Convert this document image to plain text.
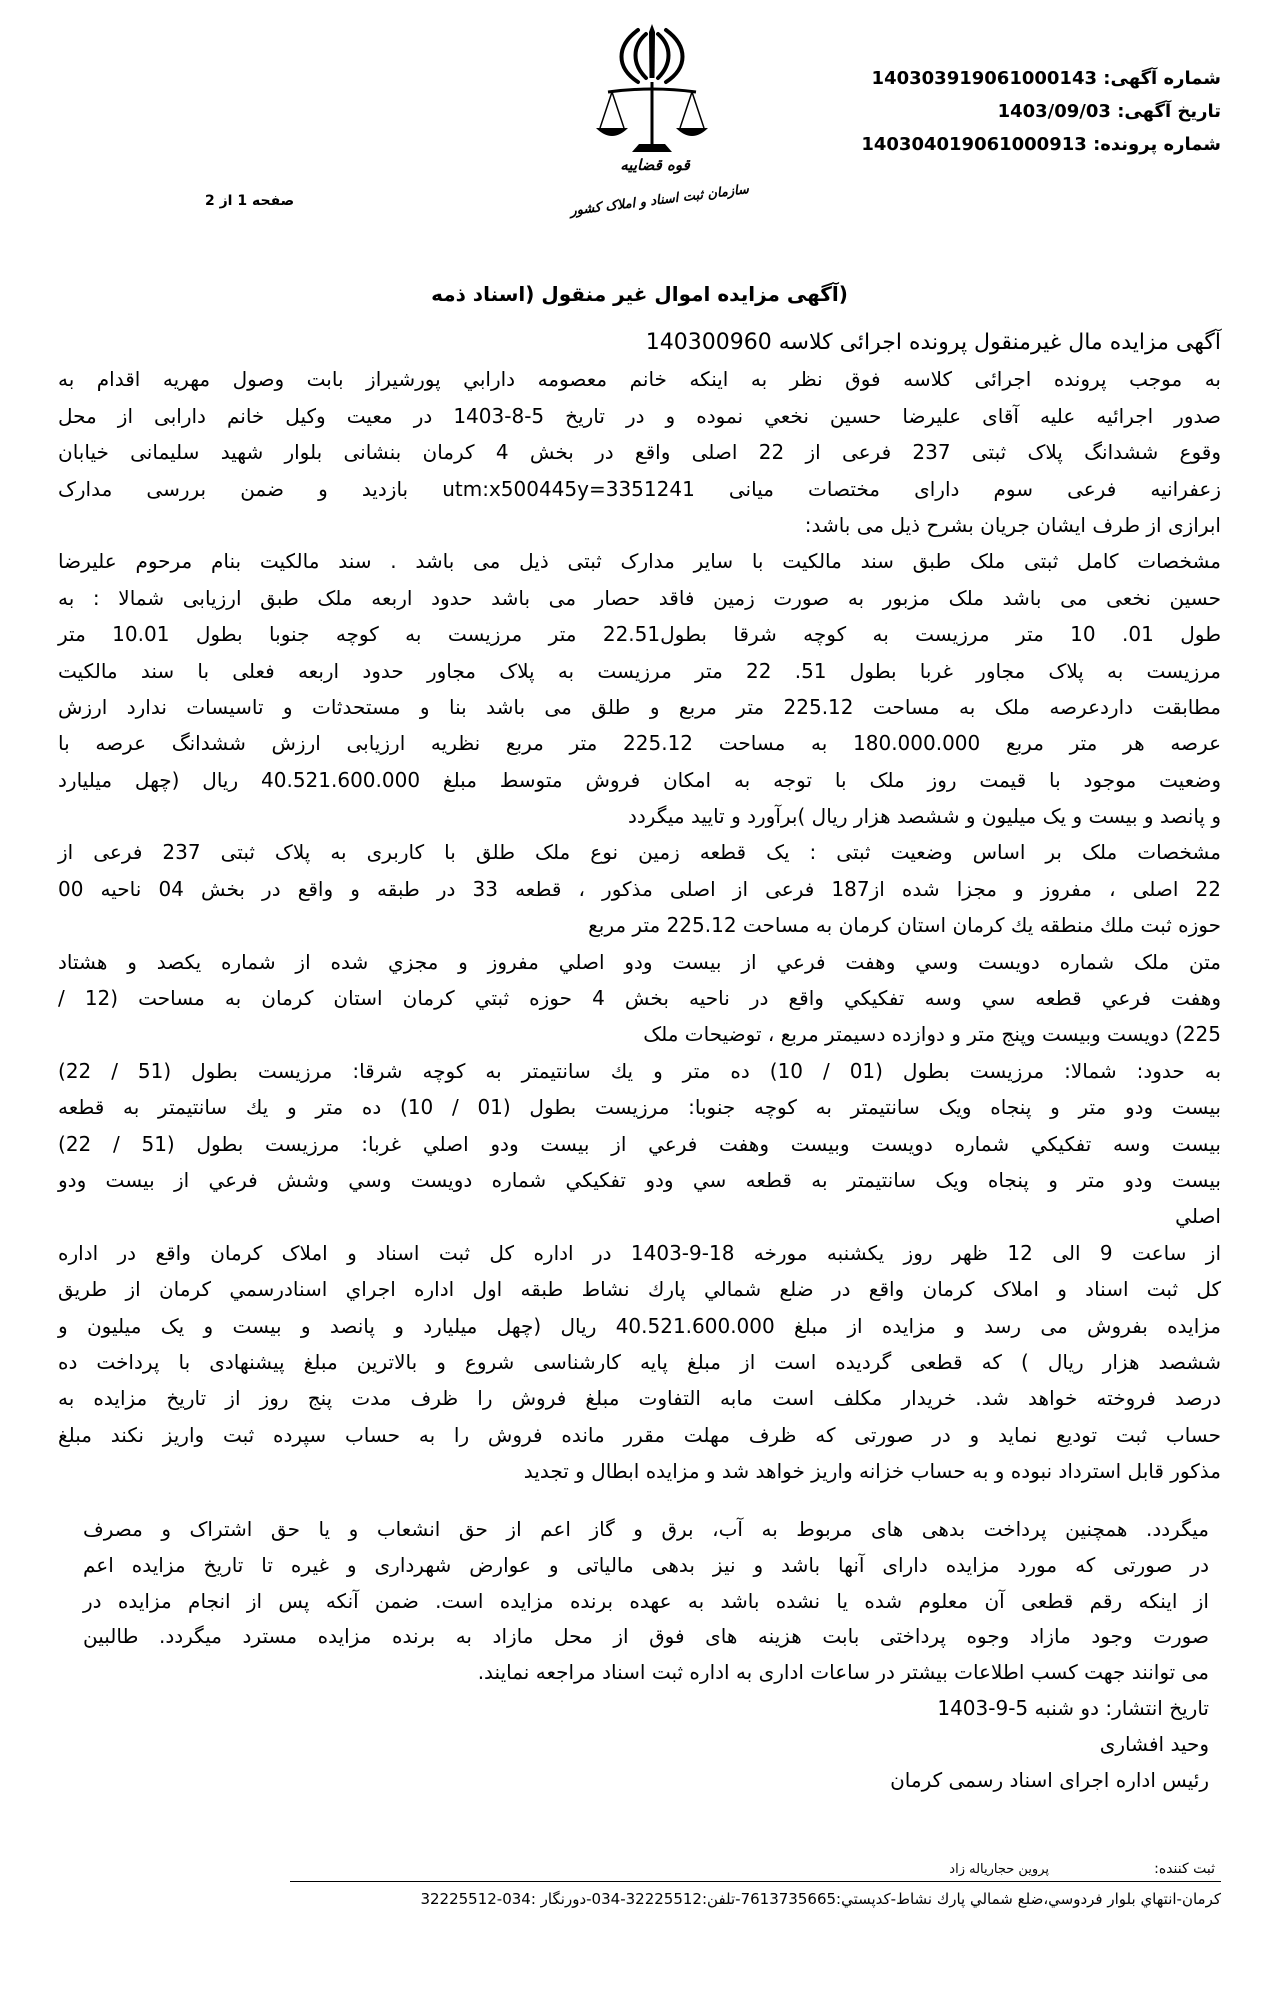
شماره آگهی: 140303919061000143
تاریخ آگهی: 1403/09/03
شماره پرونده: 140304019061000913
قوه قضاییه
سازمان ثبت اسناد و املاک کشور
صفحه 1 از 2
(آگهی مزایده اموال غیر منقول (اسناد ذمه
آگهی مزایده مال غیرمنقول پرونده اجرائی کلاسه 140300960
به موجب پرونده اجرائی کلاسه فوق نظر به اینکه خانم معصومه دارابي پورشیراز بابت وصول مهریه اقدام به
صدور اجرائیه علیه آقای علیرضا حسین نخعي نموده و در تاریخ 5-8-1403 در معیت وکیل خانم دارابی از محل
وقوع ششدانگ پلاک ثبتی 237 فرعی از 22 اصلی واقع در بخش 4 کرمان بنشانی بلوار شهید سلیمانی خیابان
زعفرانیه فرعی سوم دارای مختصات میانی utm:x500445y=3351241 بازدید و ضمن بررسی مدارک
ابرازی از طرف ایشان جریان بشرح ذیل می باشد:
مشخصات کامل ثبتی ملک طبق سند مالکیت با سایر مدارک ثبتی ذیل می باشد . سند مالکیت بنام مرحوم علیرضا
حسین نخعی می باشد ملک مزبور به صورت زمین فاقد حصار می باشد حدود اربعه ملک طبق ارزیابی شمالا : به
طول 01. 10 متر مرزیست به کوچه شرقا بطول22.51 متر مرزیست به کوچه جنوبا بطول 10.01 متر
مرزیست به پلاک مجاور غربا بطول 51. 22 متر مرزیست به پلاک مجاور حدود اربعه فعلی با سند مالکیت
مطابقت داردعرصه ملک به مساحت 225.12 متر مربع و طلق می باشد بنا و مستحدثات و تاسیسات ندارد ارزش
عرصه هر متر مربع 180.000.000 به مساحت 225.12 متر مربع نظریه ارزیابی ارزش ششدانگ عرصه با
وضعیت موجود با قیمت روز ملک با توجه به امکان فروش متوسط مبلغ 40.521.600.000 ریال (چهل میلیارد
و پانصد و بیست و یک میلیون و ششصد هزار ریال )برآورد و تایید میگردد
مشخصات ملک بر اساس وضعیت ثبتی : یک قطعه زمین نوع ملک طلق با کاربری به پلاک ثبتی 237 فرعی از
22 اصلی ، مفروز و مجزا شده از187 فرعی از اصلی مذکور ، قطعه 33 در طبقه و واقع در بخش 04 ناحیه 00
حوزه ثبت ملك منطقه يك كرمان استان كرمان به مساحت 225.12 متر مربع
متن ملک شماره دويست وسي وهفت فرعي از بيست ودو اصلي مفروز و مجزي شده از شماره يكصد و هشتاد
وهفت فرعي قطعه سي وسه تفكيكي واقع در ناحيه بخش 4 حوزه ثبتي كرمان استان كرمان به مساحت (12 /
225) دويست وبيست وپنج متر و دوازده دسيمتر مربع ، توضيحات ملک
به حدود: شمالا: مرزيست بطول (01 / 10) ده متر و يك سانتيمتر به كوچه شرقا: مرزيست بطول (51 / 22)
بيست ودو متر و پنجاه ويک سانتيمتر به كوچه جنوبا: مرزيست بطول (01 / 10) ده متر و يك سانتيمتر به قطعه
بيست وسه تفكيكي شماره دويست وبيست وهفت فرعي از بيست ودو اصلي غربا: مرزيست بطول (51 / 22)
بيست ودو متر و پنجاه ويک سانتيمتر به قطعه سي ودو تفكيكي شماره دويست وسي وشش فرعي از بيست ودو
اصلي
از ساعت 9 الی 12 ظهر روز یکشنبه مورخه 18-9-1403 در اداره کل ثبت اسناد و املاک کرمان واقع در اداره
کل ثبت اسناد و املاک کرمان واقع در ضلع شمالي پارك نشاط طبقه اول اداره اجراي اسنادرسمي كرمان از طريق
مزایده بفروش می رسد و مزایده از مبلغ 40.521.600.000 ریال (چهل میلیارد و پانصد و بیست و یک میلیون و
ششصد هزار ریال ) که قطعی گردیده است از مبلغ پایه کارشناسی شروع و بالاترین مبلغ پیشنهادی با پرداخت ده
درصد فروخته خواهد شد. خریدار مکلف است مابه التفاوت مبلغ فروش را ظرف مدت پنج روز از تاریخ مزایده به
حساب ثبت تودیع نماید و در صورتی که ظرف مهلت مقرر مانده فروش را به حساب سپرده ثبت واریز نکند مبلغ
مذکور قابل استرداد نبوده و به حساب خزانه واریز خواهد شد و مزایده ابطال و تجدید
میگردد. همچنین پرداخت بدهی های مربوط به آب، برق و گاز اعم از حق انشعاب و یا حق اشتراک و مصرف
در صورتی که مورد مزایده دارای آنها باشد و نیز بدهی مالیاتی و عوارض شهرداری و غیره تا تاریخ مزایده اعم
از اینکه رقم قطعی آن معلوم شده یا نشده باشد به عهده برنده مزایده است. ضمن آنکه پس از انجام مزایده در
صورت وجود مازاد وجوه پرداختی بابت هزینه های فوق از محل مازاد به برنده مزایده مسترد میگردد. طالبین
می توانند جهت کسب اطلاعات بیشتر در ساعات اداری به اداره ثبت اسناد مراجعه نمایند.
تاریخ انتشار: دو شنبه 5-9-1403
وحید افشاری
رئیس اداره اجرای اسناد رسمی کرمان
ثبت کننده:
پروین حجاریاله زاد
کرمان-انتهاي بلوار فردوسي،ضلع شمالي پارك نشاط-كدپستي:7613735665-تلفن:32225512-034-دورنگار :034-32225512
